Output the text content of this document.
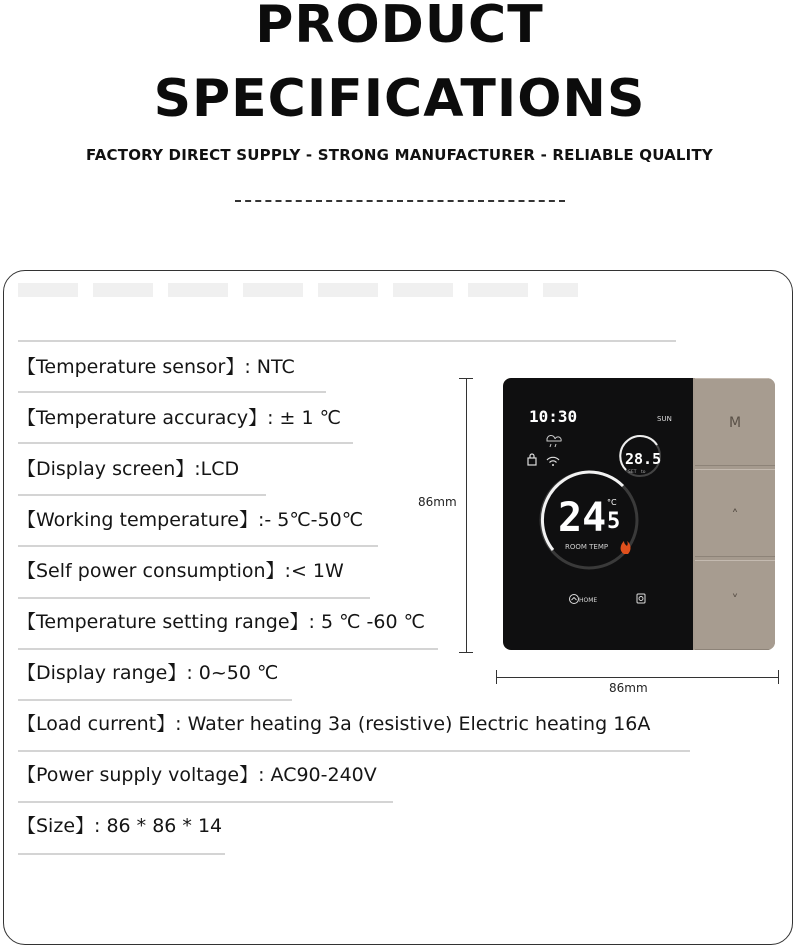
PRODUCT
SPECIFICATIONS
FACTORY DIRECT SUPPLY - STRONG MANUFACTURER - RELIABLE QUALITY
【Temperature sensor】: NTC
【Temperature accuracy】: ± 1 ℃
【Display screen】:LCD
【Working temperature】:- 5℃-50℃
【Self power consumption】:< 1W
【Temperature setting range】: 5 ℃ -60 ℃
【Display range】: 0~50 ℃
【Load current】: Water heating 3a (resistive) Electric heating 16A
【Power supply voltage】: AC90-240V
【Size】: 86 * 86 * 14
86mm
86mm
10:30	SUN
28.5
SET to
24 5
°C
ROOM TEMP
HOME
M
˄
˅
